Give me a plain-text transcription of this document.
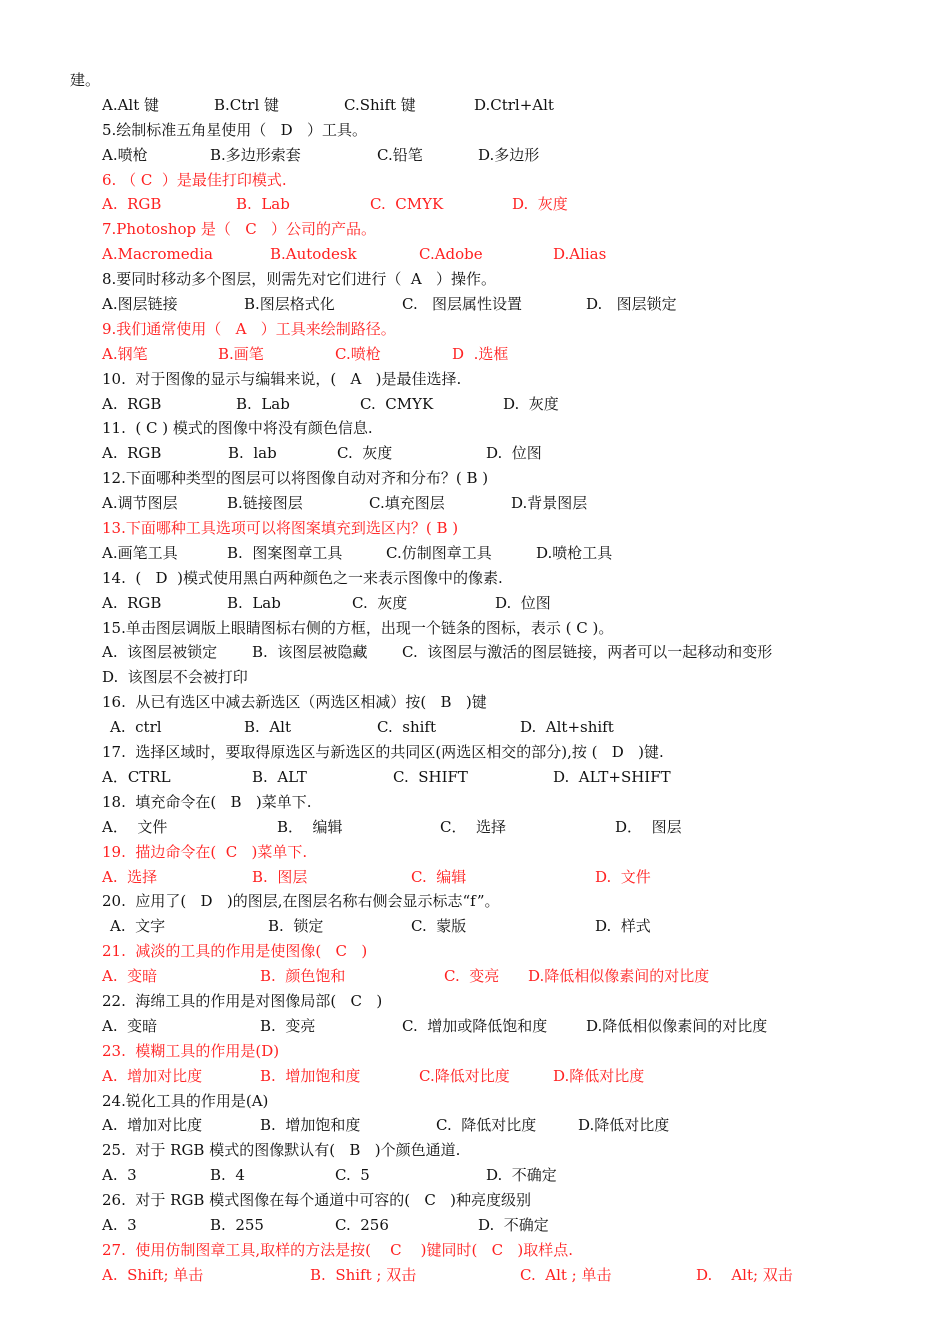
建。
A.Alt 键	B.Ctrl 键	C.Shift 键	D.Ctrl+Alt
5.绘制标准五角星使用（   D   ）工具。
A.喷枪	B.多边形索套	C.铅笔	D.多边形
6. （ C  ）是最佳打印模式.
A.  RGB	B.  Lab	C.  CMYK	D.  灰度
7.Photoshop 是（   C   ）公司的产品。
A.Macromedia	B.Autodesk	C.Adobe	D.Alias
8.要同时移动多个图层，则需先对它们进行（  A   ）操作。
A.图层链接	B.图层格式化	C.   图层属性设置	D.   图层锁定
9.我们通常使用（   A   ）工具来绘制路径。
A.钢笔	B.画笔	C.喷枪	D  .选框
10.  对于图像的显示与编辑来说，(   A   )是最佳选择.
A.  RGB	B.  Lab	C.  CMYK	D.  灰度
11.  ( C ) 模式的图像中将没有颜色信息.
A.  RGB	B.  lab	C.  灰度	D.  位图
12.下面哪种类型的图层可以将图像自动对齐和分布？( B )
A.调节图层	B.链接图层	C.填充图层	D.背景图层
13.下面哪种工具选项可以将图案填充到选区内？( B )
A.画笔工具	B.  图案图章工具	C.仿制图章工具	D.喷枪工具
14.  (   D  )模式使用黑白两种颜色之一来表示图像中的像素.
A.  RGB	B.  Lab	C.  灰度	D.  位图
15.单击图层调版上眼睛图标右侧的方框，出现一个链条的图标，表示 ( C )。
A.  该图层被锁定 B.  该图层被隐藏 C.  该图层与激活的图层链接，两者可以一起移动和变形
D.  该图层不会被打印
16.  从已有选区中减去新选区（两选区相减）按(   B   )键
A.  ctrl	B.  Alt	C.  shift	D.  Alt+shift
17.  选择区域时，要取得原选区与新选区的共同区(两选区相交的部分),按 (   D   )键.
A．CTRL	B.  ALT	C.  SHIFT	D.  ALT+SHIFT
18.  填充命令在(   B   )菜单下.
A．  文件	B．  编辑	C．  选择	D．  图层
19.  描边命令在(  C   )菜单下.
A.  选择	B.  图层	C.  编辑	D.  文件
20.  应用了(   D   )的图层,在图层名称右侧会显示标志“f”。
A.  文字	B.  锁定	C.  蒙版	D.  样式
21.  减淡的工具的作用是使图像(   C   )
A.  变暗	B.  颜色饱和	C.  变亮 D.降低相似像素间的对比度
22.  海绵工具的作用是对图像局部(   C   )
A.  变暗	B.  变亮	C.  增加或降低饱和度	D.降低相似像素间的对比度
23.  模糊工具的作用是(D)
A.  增加对比度	B.  增加饱和度	C.降低对比度	D.降低对比度
24.锐化工具的作用是(A)
A.  增加对比度	B.  增加饱和度	C.  降低对比度	D.降低对比度
25.  对于 RGB 模式的图像默认有(   B   )个颜色通道.
A.  3	B.  4	C.  5	D.  不确定
26.  对于 RGB 模式图像在每个通道中可容的(   C   )种亮度级别
A.  3	B.  255	C.  256	D.  不确定
27.  使用仿制图章工具,取样的方法是按(    C    )键同时(   C   )取样点.
A.  Shift; 单击	B.  Shift ; 双击	C.  Alt ; 单击	D.    Alt; 双击
